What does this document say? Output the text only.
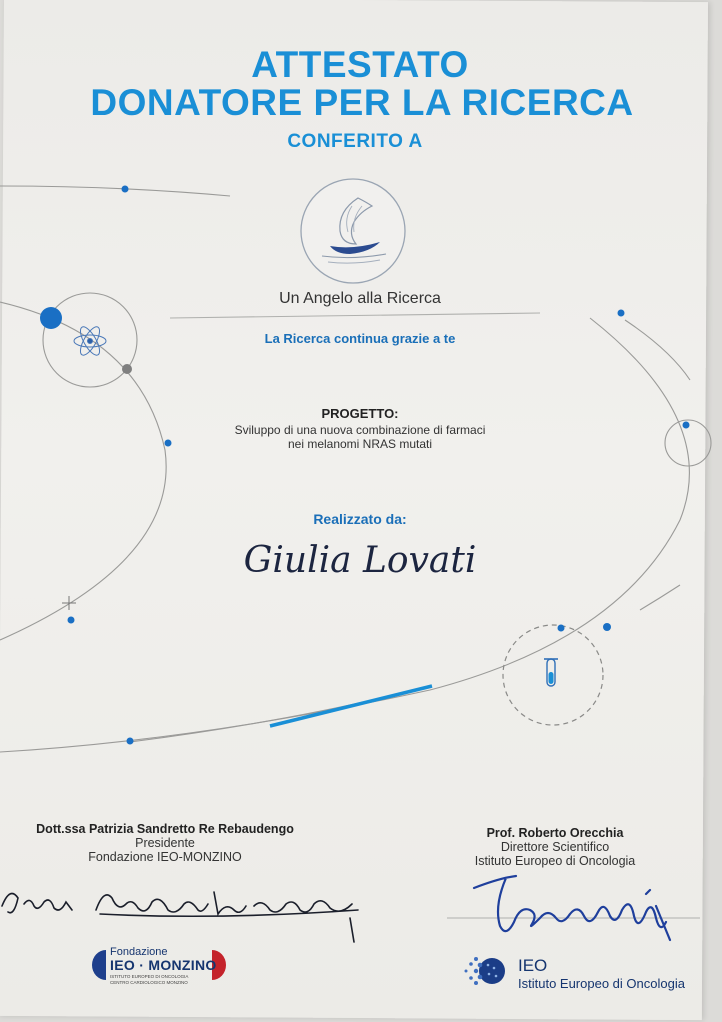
ATTESTATO
DONATORE PER LA RICERCA
CONFERITO A
Un Angelo alla Ricerca
La Ricerca continua grazie a te
PROGETTO:
Sviluppo di una nuova combinazione di farmaci
nei melanomi NRAS mutati
Realizzato da:
Giulia Lovati
Dott.ssa Patrizia Sandretto Re Rebaudengo
Presidente
Fondazione IEO-MONZINO
Prof. Roberto Orecchia
Direttore Scientifico
Istituto Europeo di Oncologia
Fondazione
IEO · MONZINO
ISTITUTO EUROPEO DI ONCOLOGIA
CENTRO CARDIOLOGICO MONZINO
IEO
Istituto Europeo di Oncologia
